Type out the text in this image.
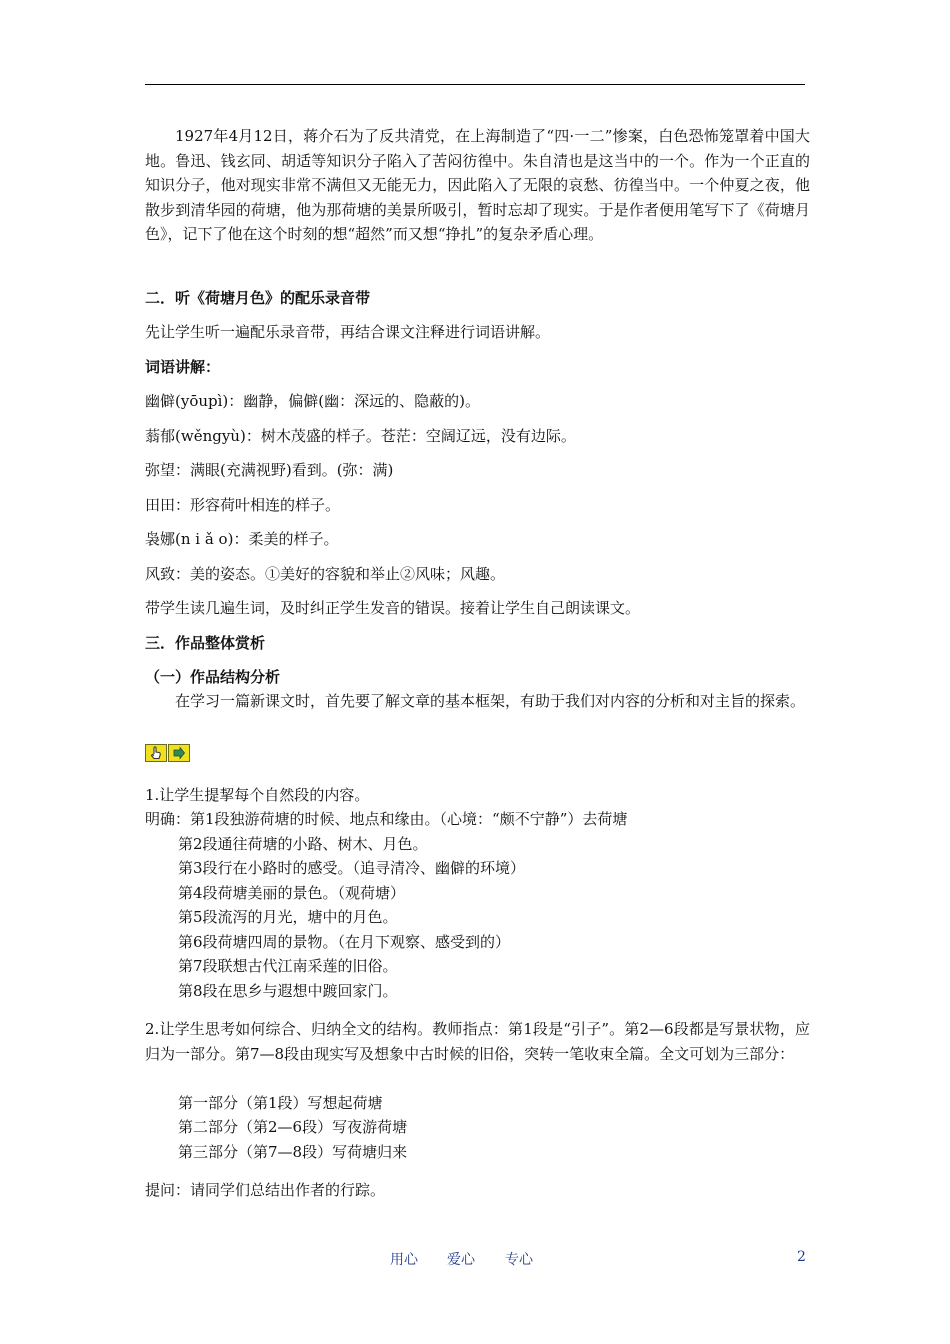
1927年4月12日，蒋介石为了反共清党，在上海制造了“四·一二”惨案，白色恐怖笼罩着中国大地。鲁迅、钱玄同、胡适等知识分子陷入了苦闷彷徨中。朱自清也是这当中的一个。作为一个正直的知识分子，他对现实非常不满但又无能无力，因此陷入了无限的哀愁、彷徨当中。一个仲夏之夜，他散步到清华园的荷塘，他为那荷塘的美景所吸引，暂时忘却了现实。于是作者便用笔写下了《荷塘月色》，记下了他在这个时刻的想“超然”而又想“挣扎”的复杂矛盾心理。
二．听《荷塘月色》的配乐录音带
先让学生听一遍配乐录音带，再结合课文注释进行词语讲解。
词语讲解：
幽僻(yōupì)：幽静，偏僻(幽：深远的、隐蔽的)。
蓊郁(wěngyù)：树木茂盛的样子。苍茫：空阔辽远，没有边际。
弥望：满眼(充满视野)看到。(弥：满)
田田：形容荷叶相连的样子。
袅娜(n i ǎ o)：柔美的样子。
风致：美的姿态。①美好的容貌和举止②风味；风趣。
带学生读几遍生词，及时纠正学生发音的错误。接着让学生自己朗读课文。
三．作品整体赏析
（一）作品结构分析
在学习一篇新课文时，首先要了解文章的基本框架，有助于我们对内容的分析和对主旨的探索。
1.让学生提挈每个自然段的内容。
明确：第1段独游荷塘的时候、地点和缘由。（心境：“颇不宁静”）去荷塘
第2段通往荷塘的小路、树木、月色。
第3段行在小路时的感受。（追寻清冷、幽僻的环境）
第4段荷塘美丽的景色。（观荷塘）
第5段流泻的月光，塘中的月色。
第6段荷塘四周的景物。（在月下观察、感受到的）
第7段联想古代江南采莲的旧俗。
第8段在思乡与遐想中踱回家门。
2.让学生思考如何综合、归纳全文的结构。教师指点：第1段是“引子”。第2—6段都是写景状物，应归为一部分。第7—8段由现实写及想象中古时候的旧俗，突转一笔收束全篇。全文可划为三部分：
第一部分（第1段）写想起荷塘
第二部分（第2—6段）写夜游荷塘
第三部分（第7—8段）写荷塘归来
提问：请同学们总结出作者的行踪。
用心 爱心 专心	2
